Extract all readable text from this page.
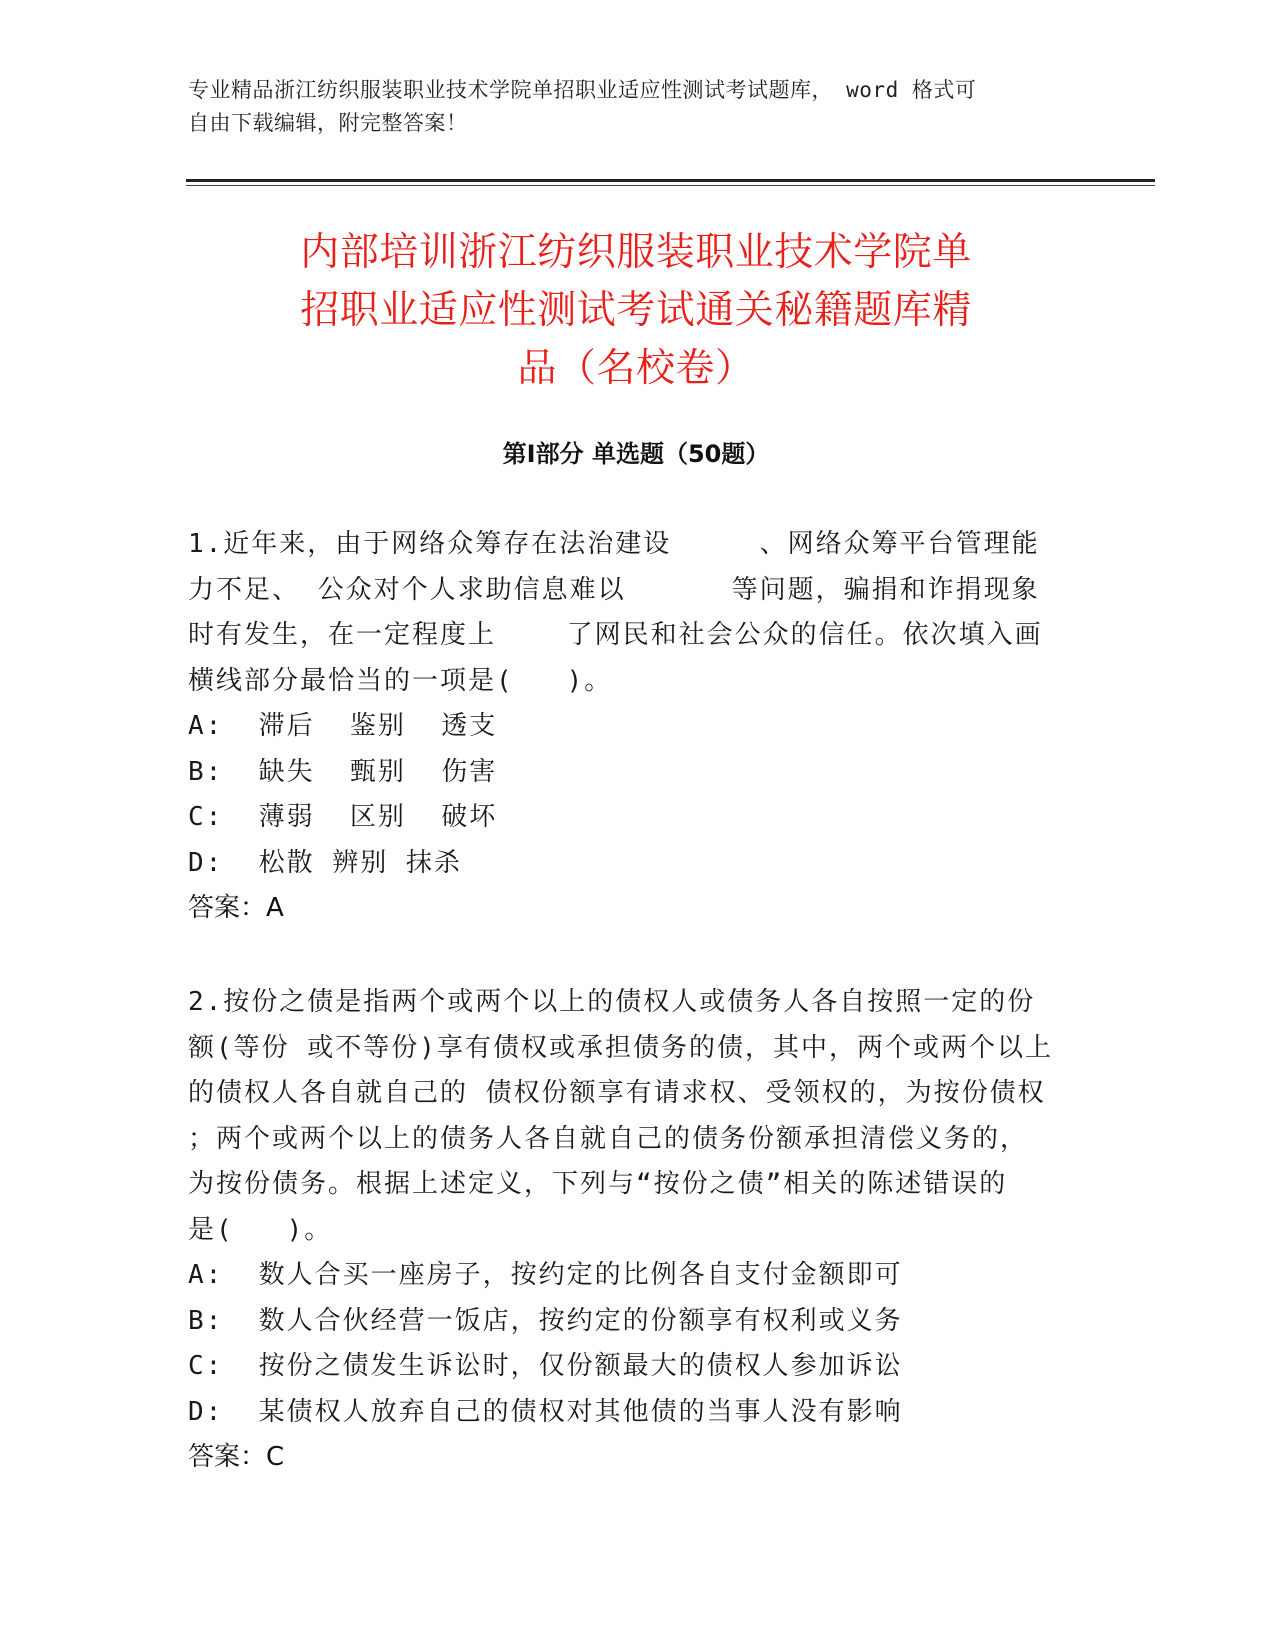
专业精品浙江纺织服装职业技术学院单招职业适应性测试考试题库， word 格式可
自由下载编辑，附完整答案！
内部培训浙江纺织服装职业技术学院单
招职业适应性测试考试通关秘籍题库精
品（名校卷）
第Ⅰ部分 单选题（50题）

1.近年来，由于网络众筹存在法治建设     、网络众筹平台管理能

力不足、 公众对个人求助信息难以      等问题，骗捐和诈捐现象

时有发生，在一定程度上    了网民和社会公众的信任。依次填入画

横线部分最恰当的一项是(   )。

A:  滞后  鉴别  透支

B:  缺失  甄别  伤害

C:  薄弱  区别  破坏

D:  松散 辨别 抹杀

答案：A

2.按份之债是指两个或两个以上的债权人或债务人各自按照一定的份

额(等份 或不等份)享有债权或承担债务的债，其中，两个或两个以上

的债权人各自就自己的 债权份额享有请求权、受领权的，为按份债权

；两个或两个以上的债务人各自就自己的债务份额承担清偿义务的，

为按份债务。根据上述定义，下列与“按份之债”相关的陈述错误的

是(   )。

A:  数人合买一座房子，按约定的比例各自支付金额即可

B:  数人合伙经营一饭店，按约定的份额享有权利或义务

C:  按份之债发生诉讼时，仅份额最大的债权人参加诉讼

D:  某债权人放弃自己的债权对其他债的当事人没有影响

答案：C
